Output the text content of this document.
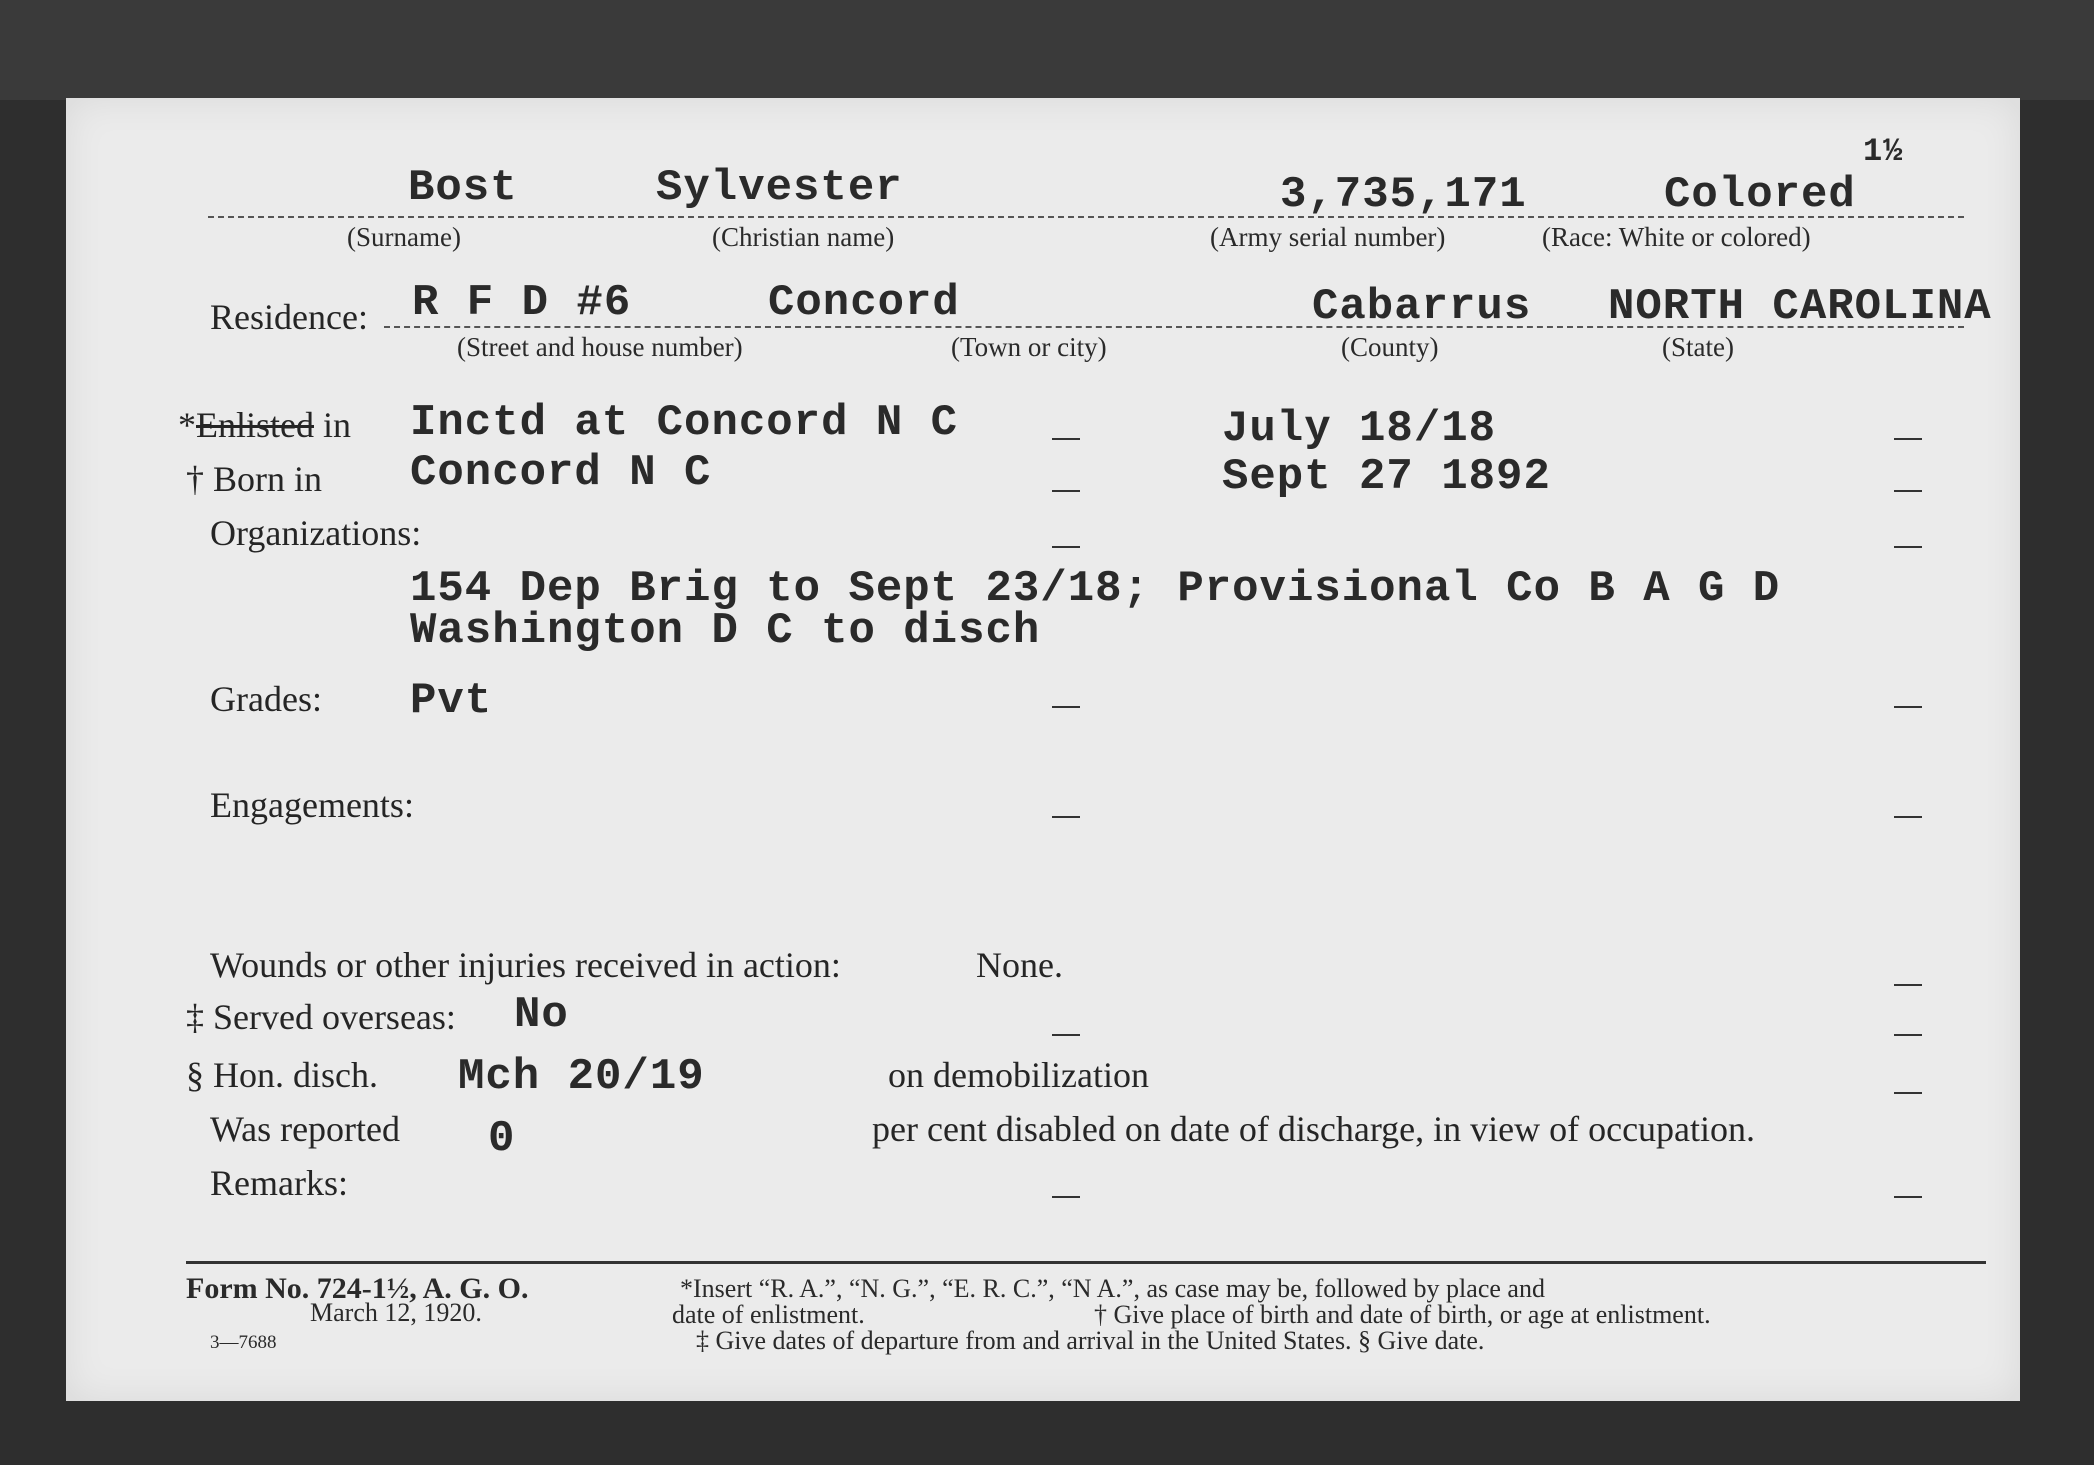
1½
Bost	Sylvester	3,735,171	Colored
(Surname)	(Christian name)	(Army serial number)	(Race: White or colored)
Residence: R F D #6	Concord	Cabarrus NORTH CAROLINA
(Street and house number)	(Town or city)	(County)	(State)
*Enlisted in Inctd at Concord N C	July 18/18
† Born in Concord N C	Sept 27 1892
Organizations:
154 Dep Brig to Sept 23/18; Provisional Co B A G D
Washington D C to disch
Grades: Pvt
Engagements:
Wounds or other injuries received in action:	None.
‡ Served overseas: No
§ Hon. disch. Mch 20/19	on demobilization
Was reported 0	per cent disabled on date of discharge, in view of occupation.
Remarks:
Form No. 724-1½, A. G. O.
March 12, 1920.
3—7688
*Insert “R. A.”, “N. G.”, “E. R. C.”, “N A.”, as case may be, followed by place and
date of enlistment.	† Give place of birth and date of birth, or age at enlistment.
‡ Give dates of departure from and arrival in the United States. § Give date.
